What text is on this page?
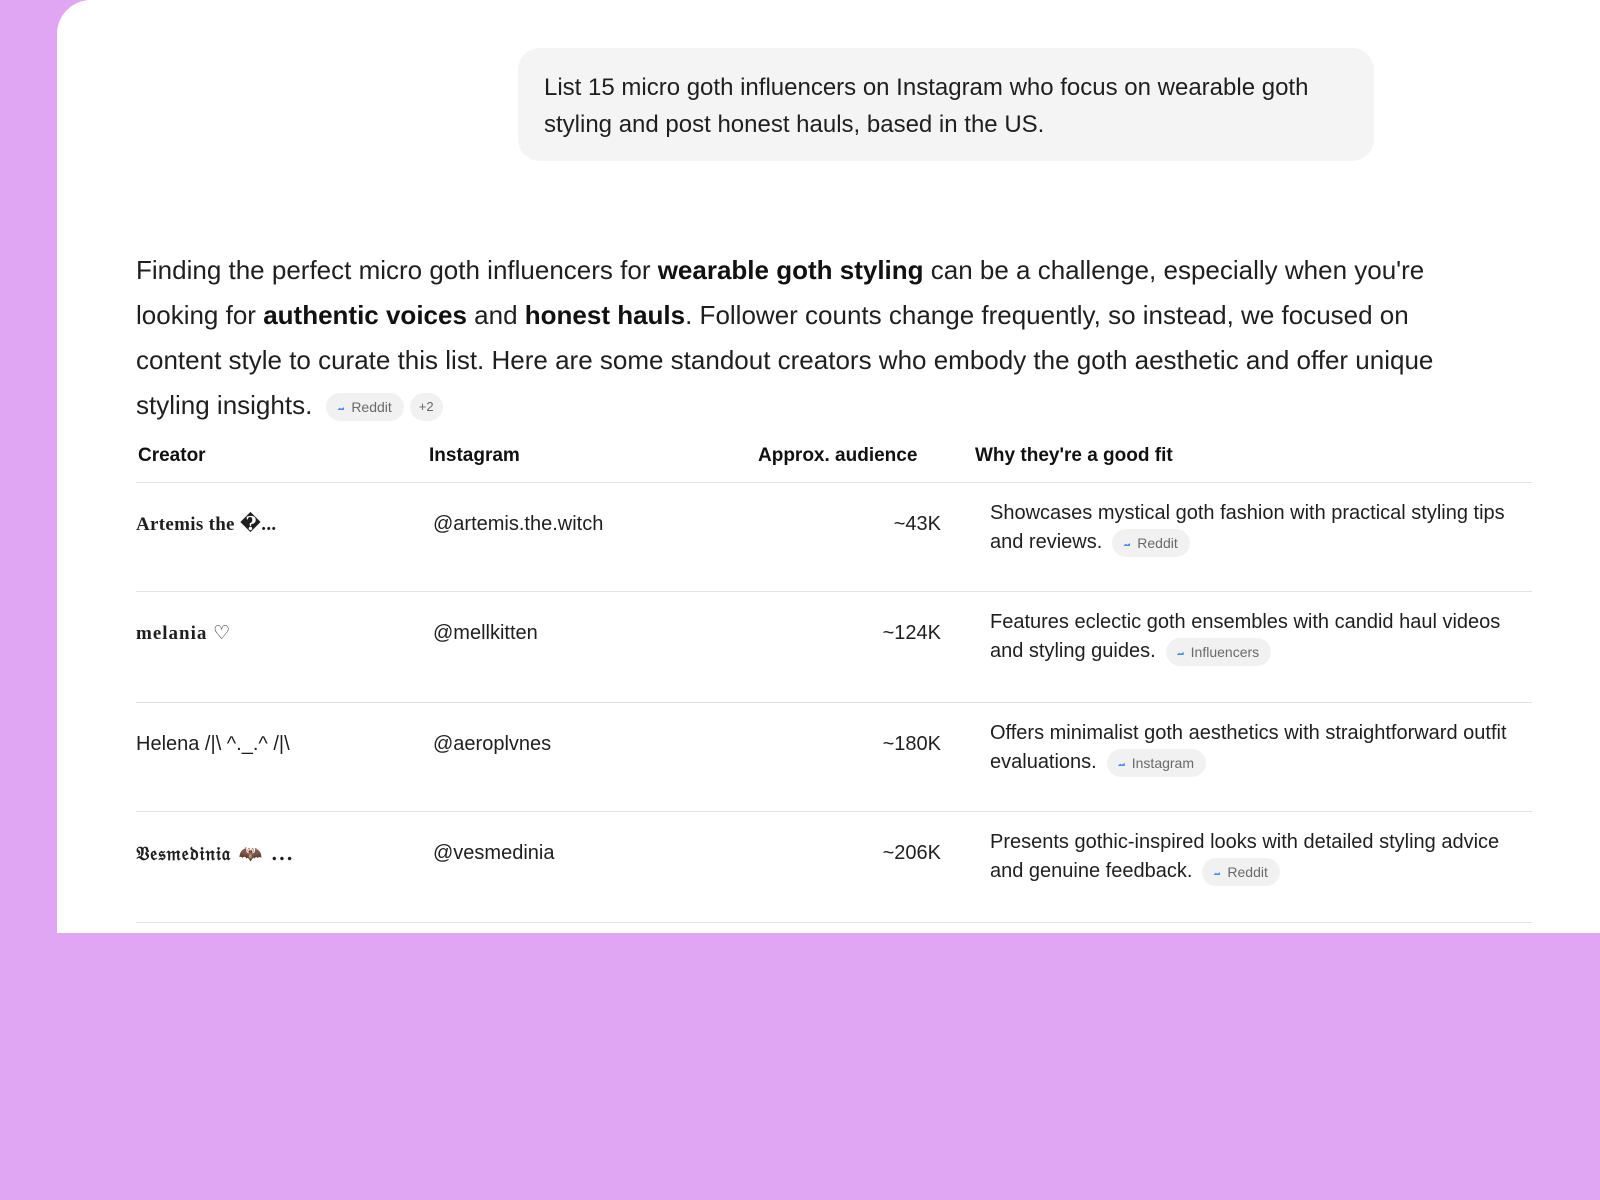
List 15 micro goth influencers on Instagram who focus on wearable goth styling and post honest hauls, based in the US.
Finding the perfect micro goth influencers for wearable goth styling can be a challenge, especially when you're looking for authentic voices and honest hauls. Follower counts change frequently, so instead, we focused on content style to curate this list. Here are some standout creators who embody the goth aesthetic and offer unique styling insights.	Reddit +2
Creator	Instagram	Approx. audience	Why they're a good fit
Artemis the �...	@artemis.the.witch	~43K Showcases mystical goth fashion with practical styling tips and reviews.	Reddit
melania ♡	@mellkitten	~124K Features eclectic goth ensembles with candid haul videos and styling guides.	Influencers
Helena /|\ ^._.^ /|\	@aeroplvnes	~180K Offers minimalist goth aesthetics with straightforward outfit evaluations.	Instagram
𝔙𝔢𝔰𝔪𝔢𝔡𝔦𝔫𝔦𝔞 🦇 ...	@vesmedinia	~206K Presents gothic-inspired looks with detailed styling advice and genuine feedback.	Reddit
